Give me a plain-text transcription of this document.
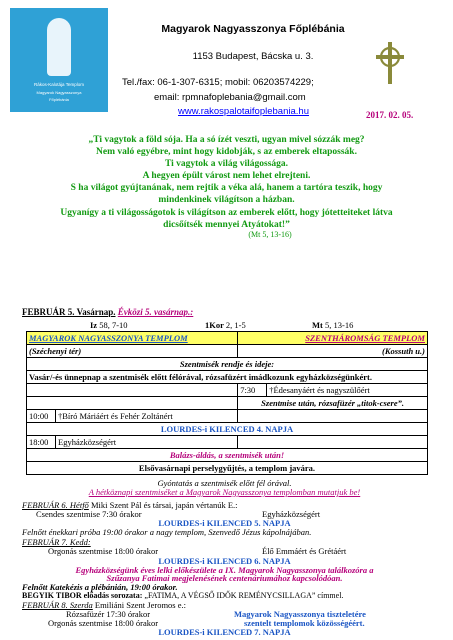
Rákos-Kalotája Templom
Magyarok Nagyasszonya
Főplébánia
Magyarok Nagyasszonya Főplébánia
1153 Budapest, Bácska u. 3.
Tel./fax: 06-1-307-6315; mobil: 06203574229;
email: rpmnafoplebania@gmail.com
www.rakospalotaifoplebania.hu	2017. 02. 05.
„Ti vagytok a föld sója. Ha a só ízét veszti, ugyan mivel sózzák meg?
Nem való egyébre, mint hogy kidobják, s az emberek eltapossák.
Ti vagytok a világ világossága.
A hegyen épült várost nem lehet elrejteni.
S ha világot gyújtanának, nem rejtik a véka alá, hanem a tartóra teszik, hogy
mindenkinek világítson a házban.
Ugyanígy a ti világosságotok is világítson az emberek előtt, hogy jótetteiteket látva
dicsőítsék mennyei Atyátokat!”
(Mt 5, 13-16)
FEBRUÁR 5. Vasárnap. Évközi 5. vasárnap.:
Iz 58, 7-10	1Kor 2, 1-5	Mt 5, 13-16
MAGYAROK NAGYASSZONYA TEMPLOM		SZENTHÁROMSÁG TEMPLOM	
(Széchenyi tér)		(Kossuth u.)	
Szentmisék rendje és ideje:			
Vasár/-és ünnepnap a szentmisék előtt félórával, rózsafüzért imádkozunk egyházközségünkért.			
		7:30	†Édesanyáért és nagyszülőért
		Szentmise után, rózsafüzér „titok-csere”.	
10:00	†Bíró Máriáért és Fehér Zoltánért		
LOURDES-i KILENCED 4. NAPJA			
18:00	Egyházközségért		
Balázs-áldás, a szentmisék után!			
Elsővasárnapi perselygyűjtés, a templom javára.			
Gyóntatás a szentmisék előtt fél órával.
A hétköznapi szentmiséket a Magyarok Nagyasszonya templomban mutatjuk be!
FEBRUÁR 6. Hétfő Miki Szent Pál és társai, japán vértanúk E.:
Csendes szentmise 7:30 órakor	Egyházközségért
LOURDES-i KILENCED 5. NAPJA
Felnőtt énekkari próba 19:00 órakor a nagy templom, Szenvedő Jézus kápolnájában.
FEBRUÁR 7. Kedd:
Orgonás szentmise 18:00 órakor	Élő Emmáért és Grétáért
LOURDES-i KILENCED 6. NAPJA
Egyházközségünk éves lelki előkészülete a IX. Magyarok Nagyasszonya találkozóra a
Szűzanya Fatimai megjelenésének centenáriumához kapcsolódóan.
Felnőtt Katekézis a plébánián, 19:00 órakor.
BEGYIK TIBOR előadás sorozata: „FATIMA, A VÉGSŐ IDŐK REMÉNYCSILLAGA” címmel.
FEBRUÁR 8. Szerda Emiliáni Szent Jeromos e.:
Rózsafüzér 17:30 órakor
Orgonás szentmise 18:00 órakor
Magyarok Nagyasszonya tiszteletére
szentelt templomok közösségéért.
LOURDES-i KILENCED 7. NAPJA
